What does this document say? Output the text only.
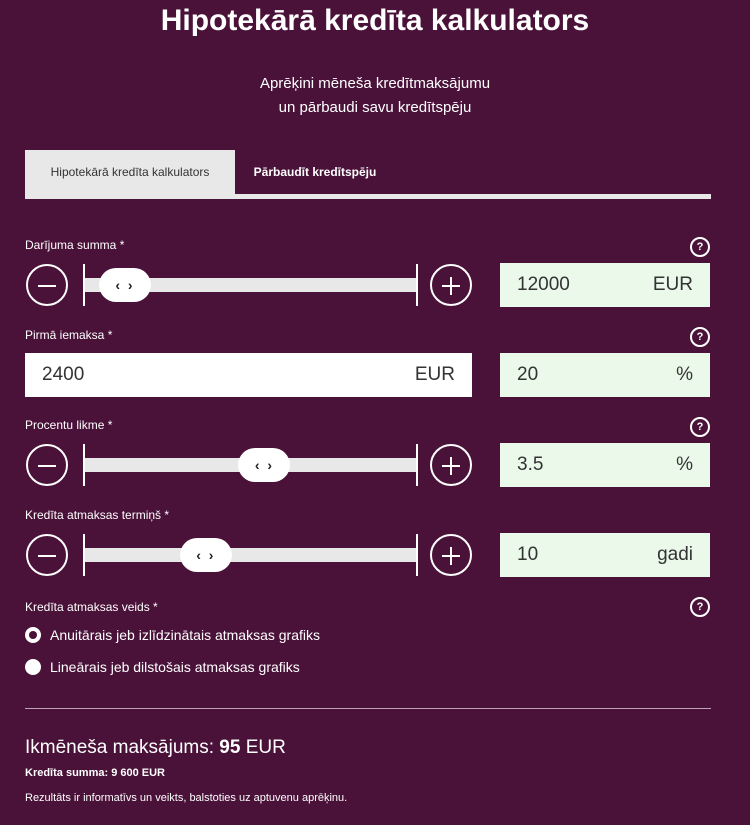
Hipotekārā kredīta kalkulators
Aprēķini mēneša kredītmaksājumu
un pārbaudi savu kredītspēju
Hipotekārā kredīta kalkulators	Pārbaudīt kredītspēju
Darījuma summa *	?
‹ ›	12000	EUR
Pirmā iemaksa *	?
2400	EUR	20	%
Procentu likme *	?
‹ ›	3.5	%
Kredīta atmaksas termiņš *
‹ ›	10	gadi
Kredīta atmaksas veids *	?
Anuitārais jeb izlīdzinātais atmaksas grafiks
Lineārais jeb dilstošais atmaksas grafiks
Ikmēneša maksājums: 95 EUR
Kredīta summa: 9 600 EUR
Rezultāts ir informatīvs un veikts, balstoties uz aptuvenu aprēķinu.
